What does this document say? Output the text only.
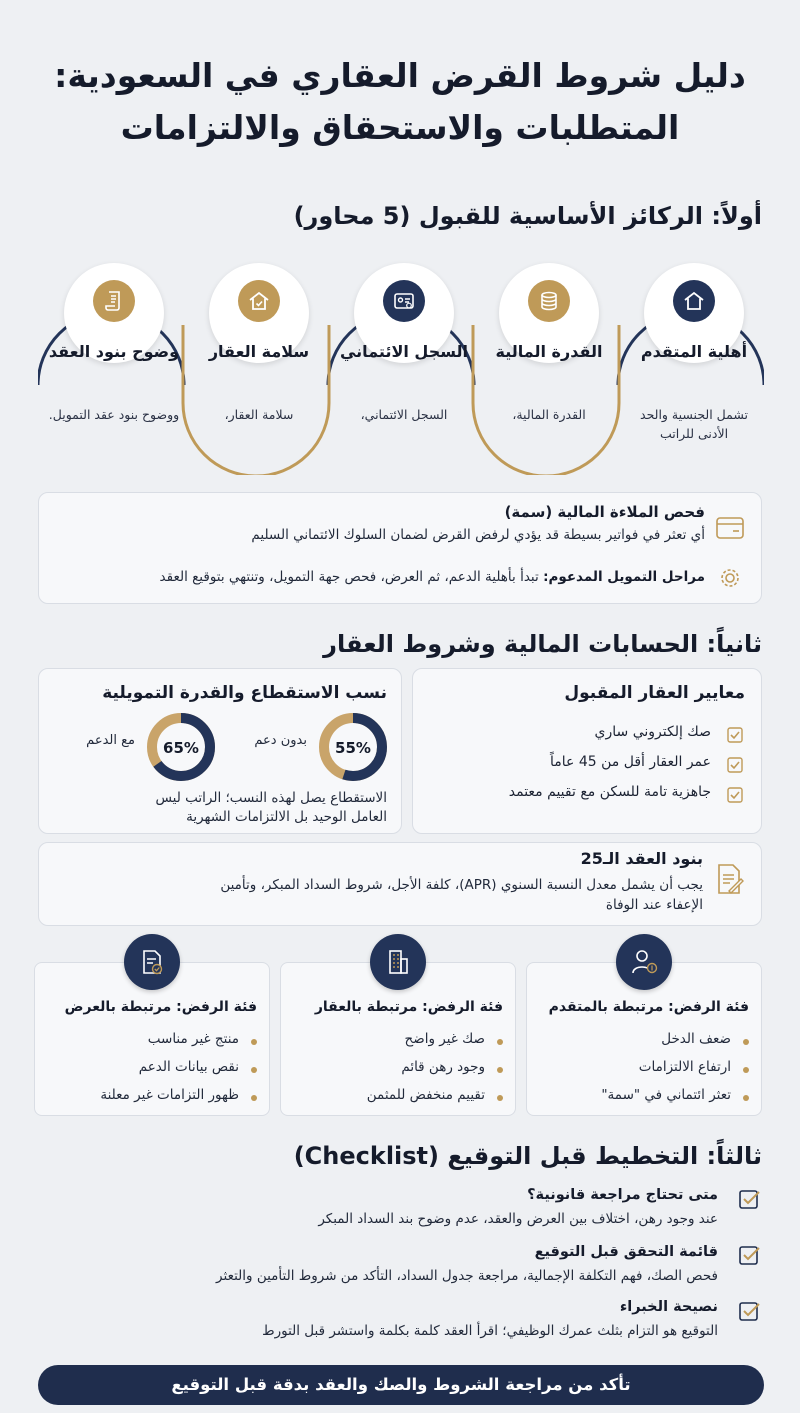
دليل شروط القرض العقاري في السعودية:
المتطلبات والاستحقاق والالتزامات
أولاً: الركائز الأساسية للقبول (5 محاور)
أهلية المتقدم
تشمل الجنسية والحد الأدنى للراتب
القدرة المالية
القدرة المالية،
السجل الائتماني
السجل الائتماني،
سلامة العقار
سلامة العقار،
وضوح بنود العقد
ووضوح بنود عقد التمويل.
فحص الملاءة المالية (سمة)
أي تعثر في فواتير بسيطة قد يؤدي لرفض القرض لضمان السلوك الائتماني السليم
مراحل التمويل المدعوم: تبدأ بأهلية الدعم، ثم العرض، فحص جهة التمويل، وتنتهي بتوقيع العقد
ثانياً: الحسابات المالية وشروط العقار
معايير العقار المقبول
صك إلكتروني ساري
عمر العقار أقل من 45 عاماً
جاهزية تامة للسكن مع تقييم معتمد
نسب الاستقطاع والقدرة التمويلية
55%
بدون دعم
65%
مع الدعم
الاستقطاع يصل لهذه النسب؛ الراتب ليس
العامل الوحيد بل الالتزامات الشهرية
بنود العقد الـ25
يجب أن يشمل معدل النسبة السنوي (APR)، كلفة الأجل، شروط السداد المبكر، وتأمين
الإعفاء عند الوفاة
فئة الرفض: مرتبطة بالمتقدم
ضعف الدخل
ارتفاع الالتزامات
تعثر ائتماني في "سمة"
فئة الرفض: مرتبطة بالعقار
صك غير واضح
وجود رهن قائم
تقييم منخفض للمثمن
فئة الرفض: مرتبطة بالعرض
منتج غير مناسب
نقص بيانات الدعم
ظهور التزامات غير معلنة
ثالثاً: التخطيط قبل التوقيع (Checklist)
متى تحتاج مراجعة قانونية؟
عند وجود رهن، اختلاف بين العرض والعقد، عدم وضوح بند السداد المبكر
قائمة التحقق قبل التوقيع
فحص الصك، فهم التكلفة الإجمالية، مراجعة جدول السداد، التأكد من شروط التأمين والتعثر
نصيحة الخبراء
التوقيع هو التزام بثلث عمرك الوظيفي؛ اقرأ العقد كلمة بكلمة واستشر قبل التورط
تأكد من مراجعة الشروط والصك والعقد بدقة قبل التوقيع
